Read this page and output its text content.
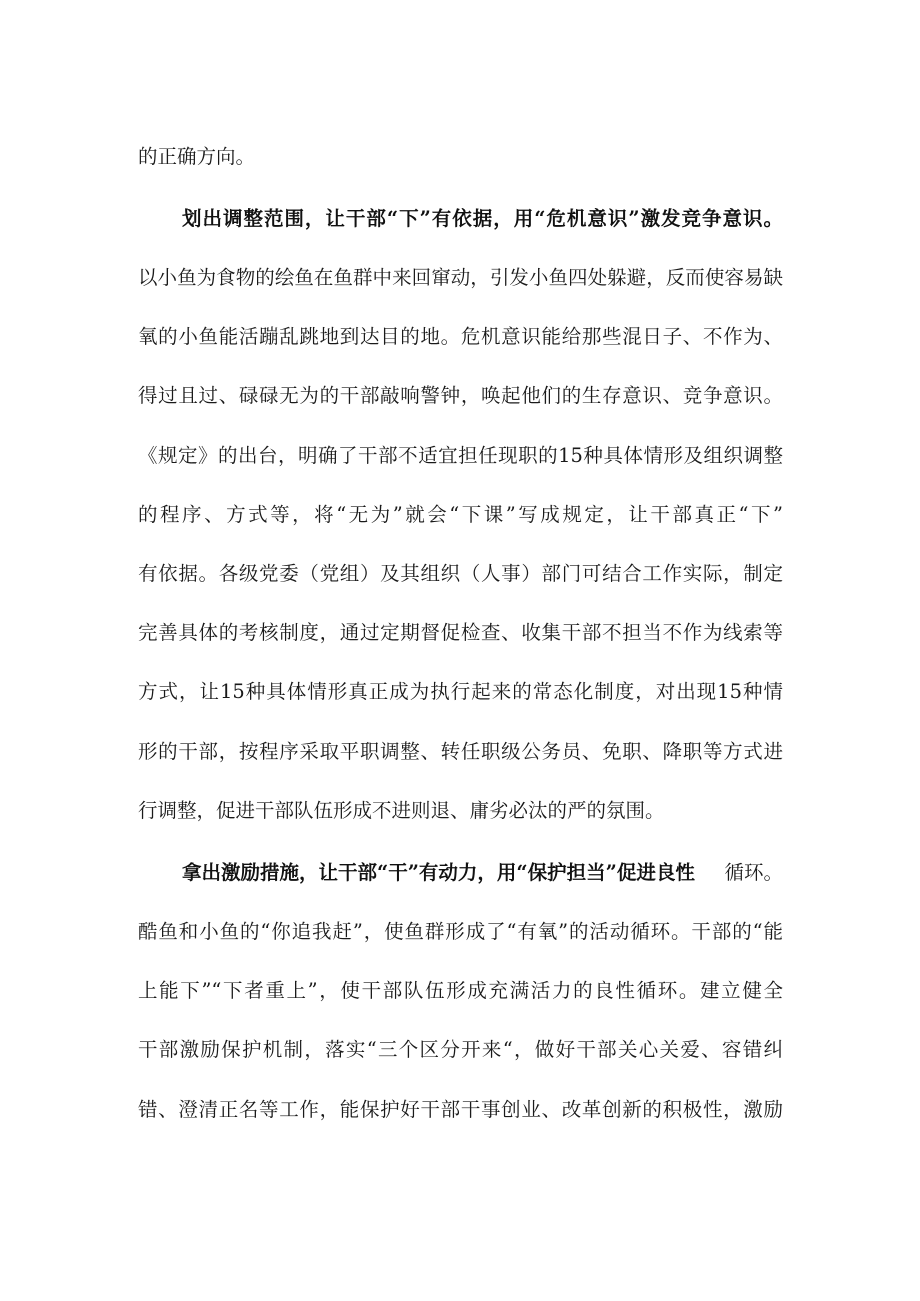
的正确方向。
划出调整范围，让干部“下”有依据，用“危机意识”激发竞争意识。
以小鱼为食物的绘鱼在鱼群中来回窜动，引发小鱼四处躲避，反而使容易缺
氧的小鱼能活蹦乱跳地到达目的地。危机意识能给那些混日子、不作为、
得过且过、碌碌无为的干部敲响警钟，唤起他们的生存意识、竞争意识。
《规定》的出台，明确了干部不适宜担任现职的15种具体情形及组织调整
的程序、方式等，将“无为”就会“下课”写成规定，让干部真正“下”
有依据。各级党委（党组）及其组织（人事）部门可结合工作实际，制定
完善具体的考核制度，通过定期督促检查、收集干部不担当不作为线索等
方式，让15种具体情形真正成为执行起来的常态化制度，对出现15种情
形的干部，按程序采取平职调整、转任职级公务员、免职、降职等方式进
行调整，促进干部队伍形成不进则退、庸劣必汰的严的氛围。
拿出激励措施，让干部“干”有动力，用“保护担当”促进良性 循环。
酷鱼和小鱼的“你追我赶”，使鱼群形成了“有氧”的活动循环。干部的“能
上能下”“下者重上”，使干部队伍形成充满活力的良性循环。建立健全
干部激励保护机制，落实“三个区分开来“，做好干部关心关爱、容错纠
错、澄清正名等工作，能保护好干部干事创业、改革创新的积极性，激励
